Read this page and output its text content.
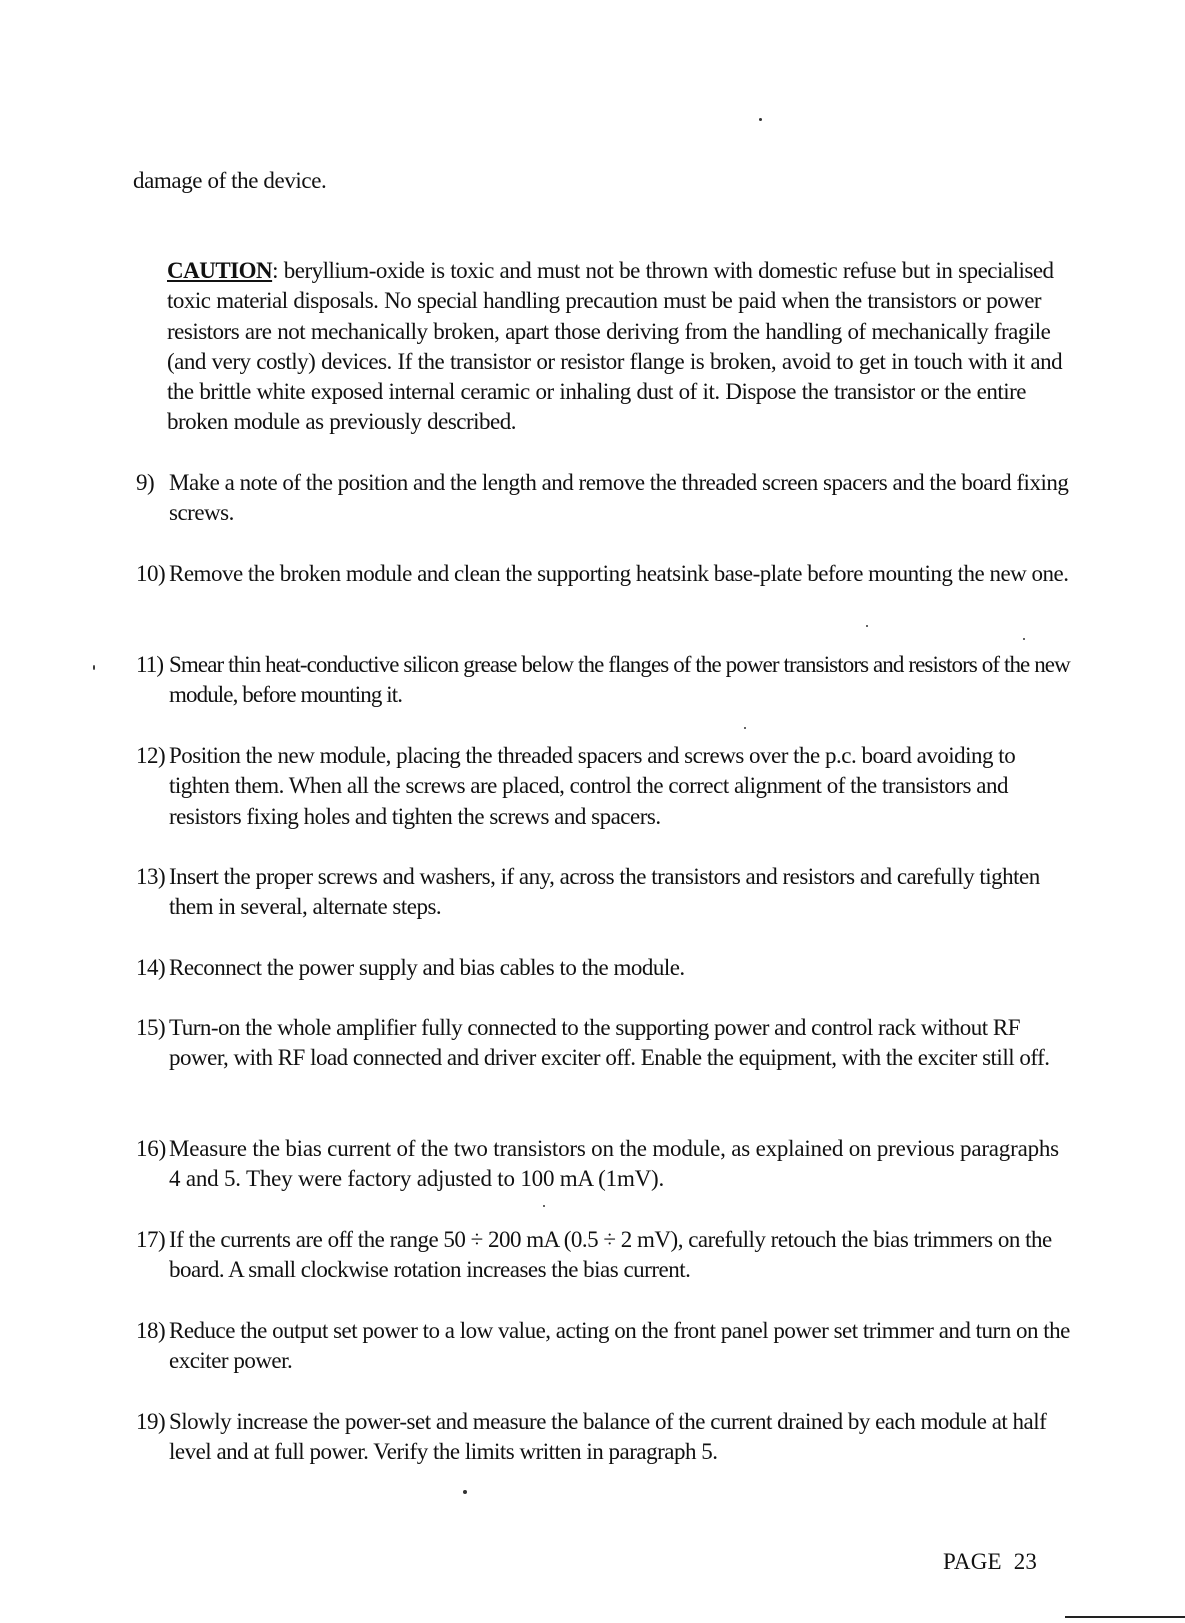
damage of the device.
CAUTION: beryllium-oxide is toxic and must not be thrown with domestic refuse but in specialised toxic material disposals. No special handling precaution must be paid when the transistors or power resistors are not mechanically broken, apart those deriving from the handling of mechanically fragile (and very costly) devices. If the transistor or resistor flange is broken, avoid to get in touch with it and the brittle white exposed internal ceramic or inhaling dust of it. Dispose the transistor or the entire broken module as previously described.
9) Make a note of the position and the length and remove the threaded screen spacers and the board fixing screws.
10) Remove the broken module and clean the supporting heatsink base-plate before mounting the new one.
11) Smear thin heat-conductive silicon grease below the flanges of the power transistors and resistors of the new module, before mounting it.
12) Position the new module, placing the threaded spacers and screws over the p.c. board avoiding to tighten them. When all the screws are placed, control the correct alignment of the transistors and resistors fixing holes and tighten the screws and spacers.
13) Insert the proper screws and washers, if any, across the transistors and resistors and carefully tighten them in several, alternate steps.
14) Reconnect the power supply and bias cables to the module.
15) Turn-on the whole amplifier fully connected to the supporting power and control rack without RF power, with RF load connected and driver exciter off. Enable the equipment, with the exciter still off.
16) Measure the bias current of the two transistors on the module, as explained on previous paragraphs 4 and 5. They were factory adjusted to 100 mA (1mV).
17) If the currents are off the range 50 ÷ 200 mA (0.5 ÷ 2 mV), carefully retouch the bias trimmers on the board. A small clockwise rotation increases the bias current.
18) Reduce the output set power to a low value, acting on the front panel power set trimmer and turn on the exciter power.
19) Slowly increase the power-set and measure the balance of the current drained by each module at half level and at full power. Verify the limits written in paragraph 5.
PAGE 23
